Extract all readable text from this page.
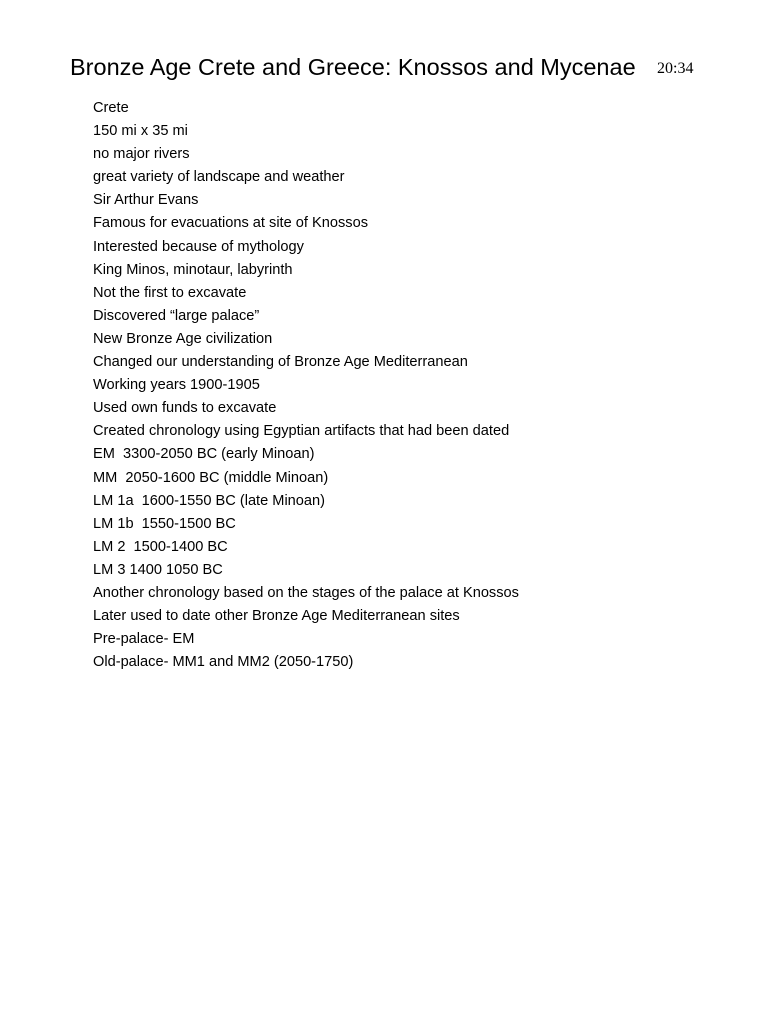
Bronze Age Crete and Greece: Knossos and Mycenae 20:34
Crete
150 mi x 35 mi
no major rivers
great variety of landscape and weather
Sir Arthur Evans
Famous for evacuations at site of Knossos
Interested because of mythology
King Minos, minotaur, labyrinth
Not the first to excavate
Discovered “large palace”
New Bronze Age civilization
Changed our understanding of Bronze Age Mediterranean
Working years 1900-1905
Used own funds to excavate
Created chronology using Egyptian artifacts that had been dated
EM  3300-2050 BC (early Minoan)
MM  2050-1600 BC (middle Minoan)
LM 1a  1600-1550 BC (late Minoan)
LM 1b  1550-1500 BC
LM 2  1500-1400 BC
LM 3 1400 1050 BC
Another chronology based on the stages of the palace at Knossos
Later used to date other Bronze Age Mediterranean sites
Pre-palace- EM
Old-palace- MM1 and MM2 (2050-1750)
